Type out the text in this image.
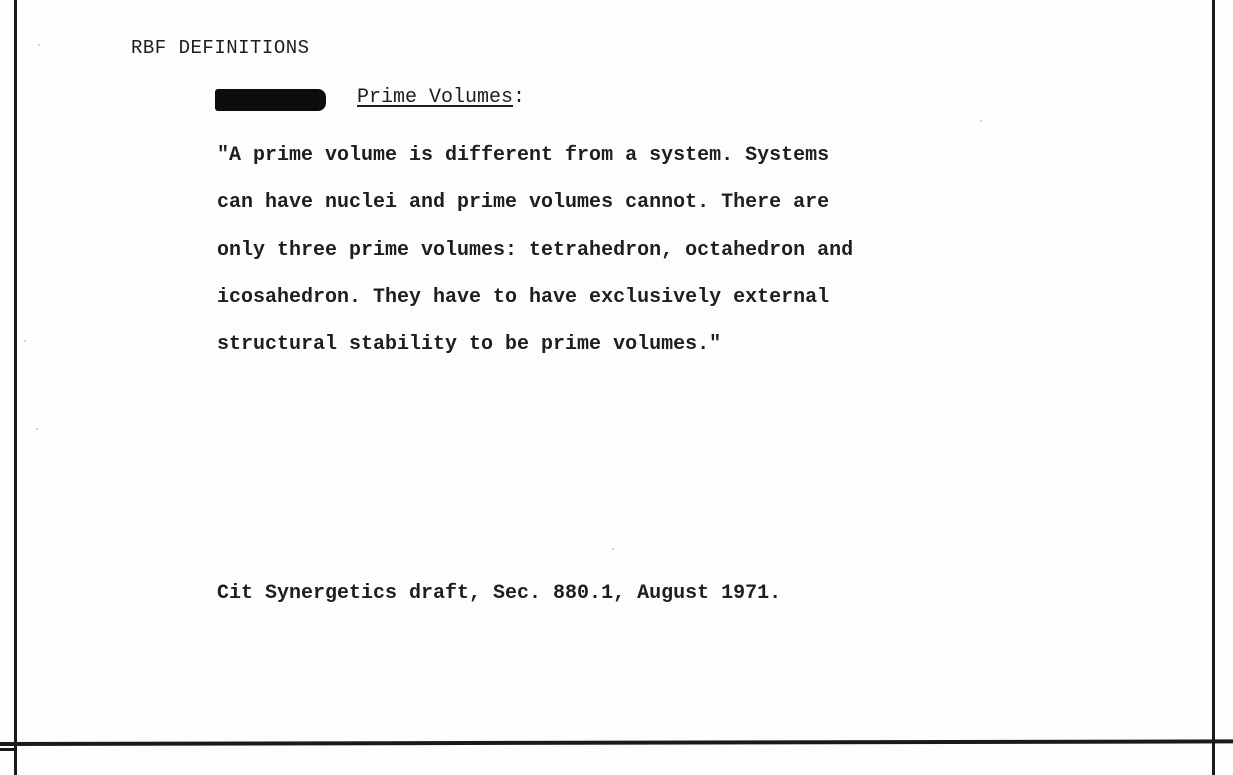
RBF DEFINITIONS
Prime Volumes:
"A prime volume is different from a system. Systems
can have nuclei and prime volumes cannot. There are
only three prime volumes: tetrahedron, octahedron and
icosahedron. They have to have exclusively external
structural stability to be prime volumes."
Cit Synergetics draft, Sec. 880.1, August 1971.
